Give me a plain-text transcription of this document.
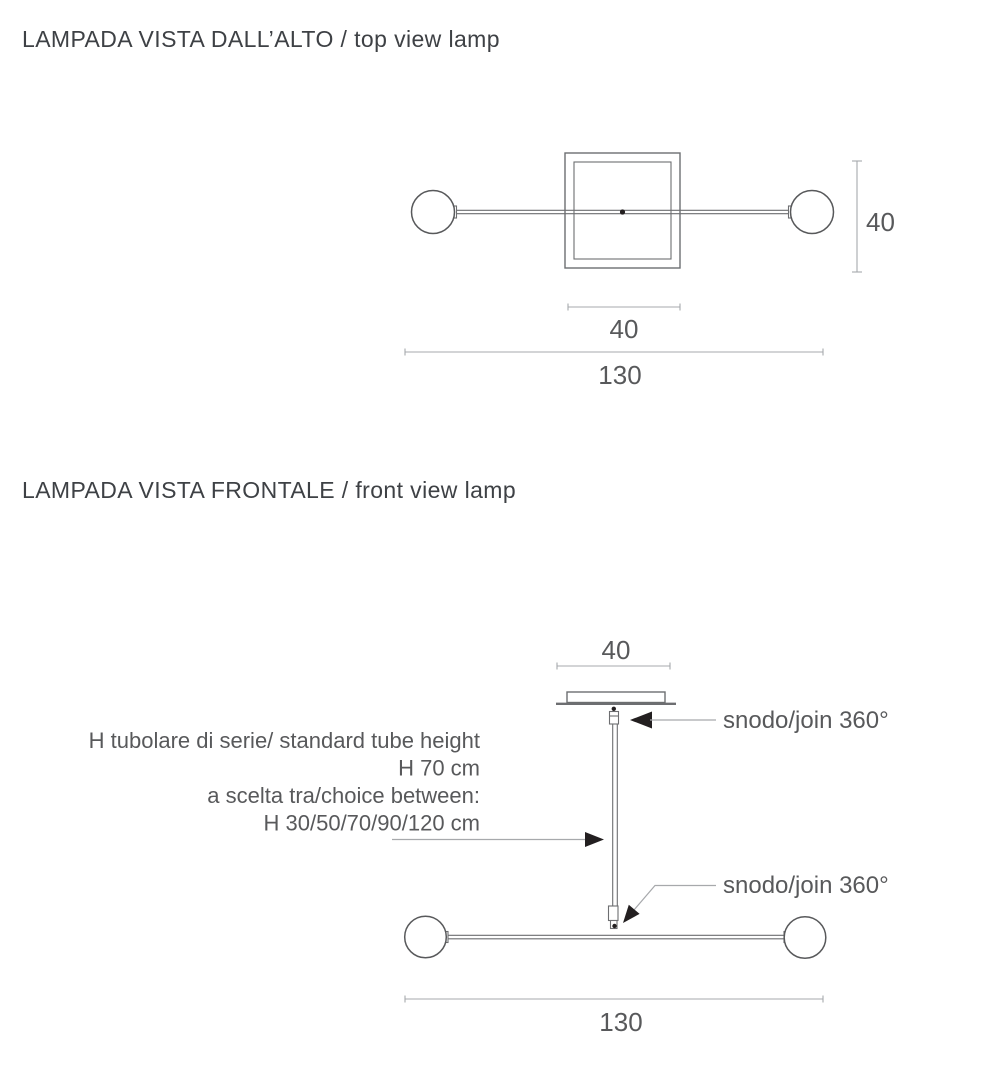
LAMPADA VISTA DALL’ALTO / top view lamp
LAMPADA VISTA FRONTALE / front view lamp
40
40
130
40
130
snodo/join 360°
snodo/join 360°
H tubolare di serie/ standard tube height
H 70 cm
a scelta tra/choice between:
H 30/50/70/90/120 cm
